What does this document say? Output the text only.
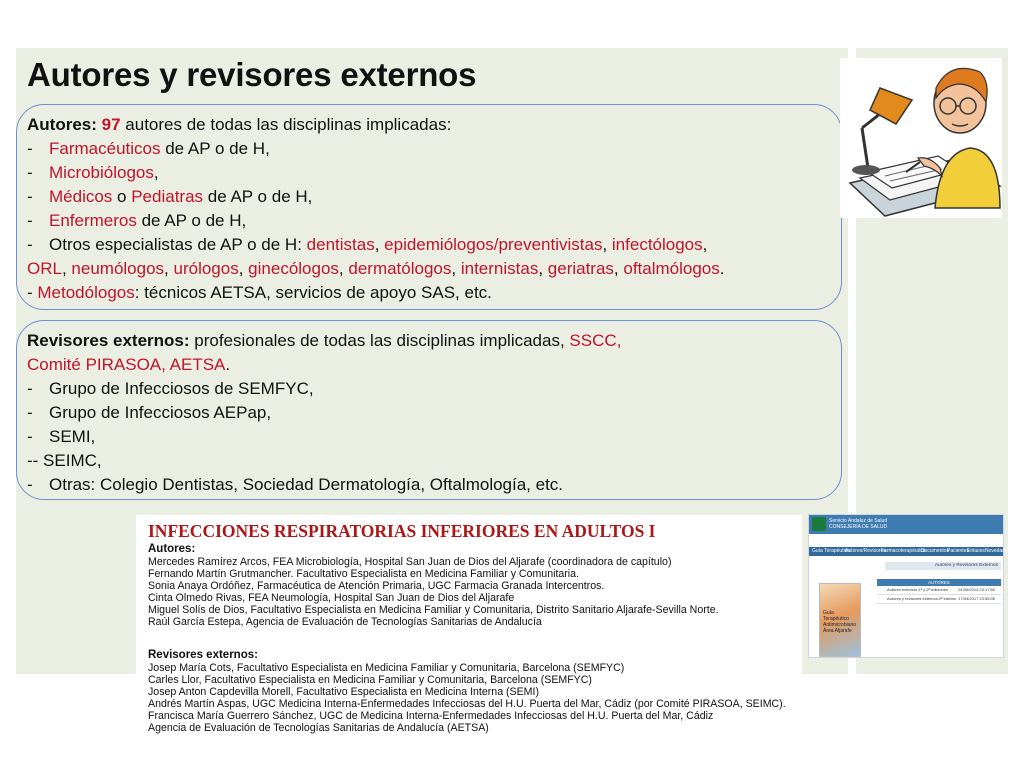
Autores y revisores externos
Autores: 97 autores de todas las disciplinas implicadas:
- Farmacéuticos de AP o de H,
- Microbiólogos,
- Médicos o Pediatras de AP o de H,
- Enfermeros de AP o de H,
- Otros especialistas de AP o de H: dentistas, epidemiólogos/preventivistas, infectólogos,
ORL, neumólogos, urólogos, ginecólogos, dermatólogos, internistas, geriatras, oftalmólogos.
- Metodólogos: técnicos AETSA, servicios de apoyo SAS, etc.
Revisores externos: profesionales de todas las disciplinas implicadas, SSCC,
Comité PIRASOA, AETSA.
- Grupo de Infecciosos de SEMFYC,
- Grupo de Infecciosos AEPap,
- SEMI,
-- SEIMC,
- Otras: Colegio Dentistas, Sociedad Dermatología, Oftalmología, etc.
INFECCIONES RESPIRATORIAS INFERIORES EN ADULTOS I
Autores:
Mercedes Ramírez Arcos, FEA Microbiología, Hospital San Juan de Dios del Aljarafe (coordinadora de capítulo)
Fernando Martín Grutmancher. Facultativo Especialista en Medicina Familiar y Comunitaria.
Sonia Anaya Ordóñez, Farmacéutica de Atención Primaria, UGC Farmacia Granada Intercentros.
Cinta Olmedo Rivas, FEA Neumología, Hospital San Juan de Dios del Aljarafe
Miguel Solís de Dios, Facultativo Especialista en Medicina Familiar y Comunitaria, Distrito Sanitario Aljarafe-Sevilla Norte.
Raúl García Estepa, Agencia de Evaluación de Tecnologías Sanitarias de Andalucía
Revisores externos:
Josep María Cots, Facultativo Especialista en Medicina Familiar y Comunitaria, Barcelona (SEMFYC)
Carles Llor, Facultativo Especialista en Medicina Familiar y Comunitaria, Barcelona (SEMFYC)
Josep Anton Capdevilla Morell, Facultativo Especialista en Medicina Interna (SEMI)
Andrés Martín Aspas, UGC Medicina Interna-Enfermedades Infecciosas del H.U. Puerta del Mar, Cádiz (por Comité PIRASOA, SEIMC).
Francisca María Guerrero Sánchez, UGC de Medicina Interna-Enfermedades Infecciosas del H.U. Puerta del Mar, Cádiz
Agencia de Evaluación de Tecnologías Sanitarias de Andalucía (AETSA)
Servicio Andaluz de Salud
CONSEJERÍA DE SALUD
Guía Terapéutica
Autores/Revisores
Farmacoterapéutica
Documentos
Pacientes
Enlaces Novedades
Autores y Revisores Externos
AUTORES
Autores externos 1ª y 2ª ediciones	01/05/2014 23:17:50
Autores y revisores externos 2ª edición 17/04/2017 23:55:06
Guía Terapéutico Antimicrobiano
Área Aljarafe
